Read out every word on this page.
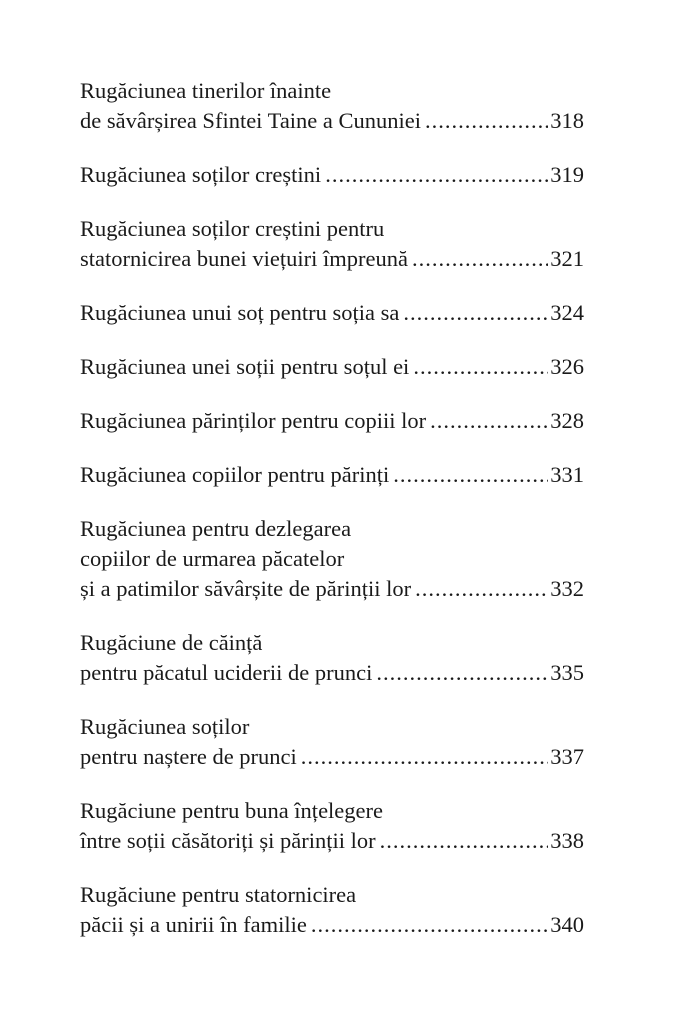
Rugăciunea tinerilor înainte
de săvârșirea Sfintei Taine a Cununiei .....	318
Rugăciunea soților creștini .....	319
Rugăciunea soților creștini pentru
statornicirea bunei viețuiri împreună .....	321
Rugăciunea unui soț pentru soția sa .....	324
Rugăciunea unei soții pentru soțul ei .....	326
Rugăciunea părinților pentru copiii lor .....	328
Rugăciunea copiilor pentru părinți .....	331
Rugăciunea pentru dezlegarea
copiilor de urmarea păcatelor
și a patimilor săvârșite de părinții lor .....	332
Rugăciune de căință
pentru păcatul uciderii de prunci .....	335
Rugăciunea soților
pentru naștere de prunci .....	337
Rugăciune pentru buna înțelegere
între soții căsătoriți și părinții lor .....	338
Rugăciune pentru statornicirea
păcii și a unirii în familie .....	340
